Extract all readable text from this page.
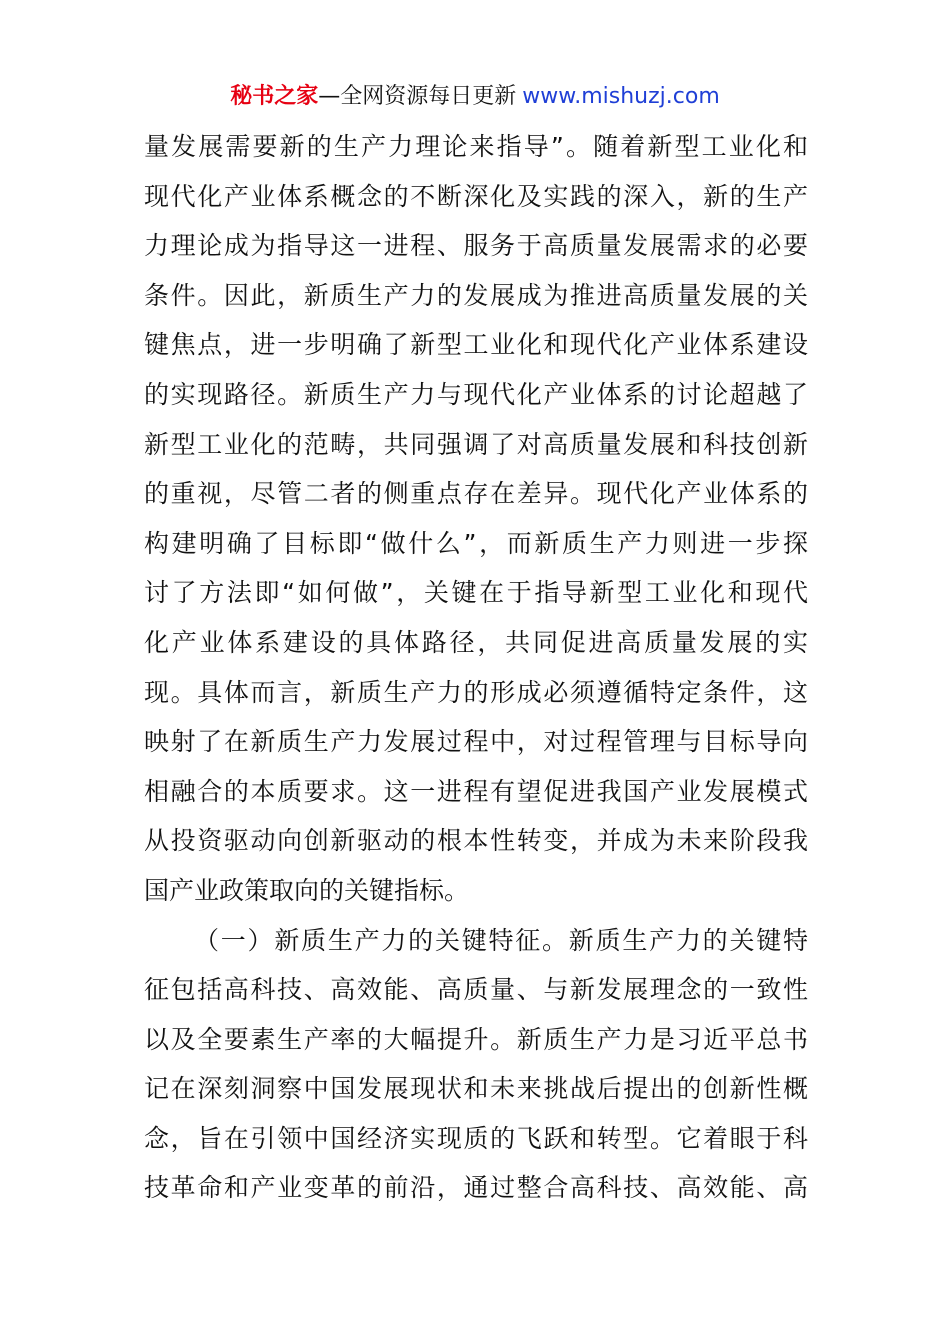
秘书之家—全网资源每日更新 www.mishuzj.com
量发展需要新的生产力理论来指导”。随着新型工业化和
现代化产业体系概念的不断深化及实践的深入，新的生产
力理论成为指导这一进程、服务于高质量发展需求的必要
条件。因此，新质生产力的发展成为推进高质量发展的关
键焦点，进一步明确了新型工业化和现代化产业体系建设
的实现路径。新质生产力与现代化产业体系的讨论超越了
新型工业化的范畴，共同强调了对高质量发展和科技创新
的重视，尽管二者的侧重点存在差异。现代化产业体系的
构建明确了目标即“做什么”，而新质生产力则进一步探
讨了方法即“如何做”，关键在于指导新型工业化和现代
化产业体系建设的具体路径，共同促进高质量发展的实
现。具体而言，新质生产力的形成必须遵循特定条件，这
映射了在新质生产力发展过程中，对过程管理与目标导向
相融合的本质要求。这一进程有望促进我国产业发展模式
从投资驱动向创新驱动的根本性转变，并成为未来阶段我
国产业政策取向的关键指标。
（一）新质生产力的关键特征。新质生产力的关键特
征包括高科技、高效能、高质量、与新发展理念的一致性
以及全要素生产率的大幅提升。新质生产力是习近平总书
记在深刻洞察中国发展现状和未来挑战后提出的创新性概
念，旨在引领中国经济实现质的飞跃和转型。它着眼于科
技革命和产业变革的前沿，通过整合高科技、高效能、高
